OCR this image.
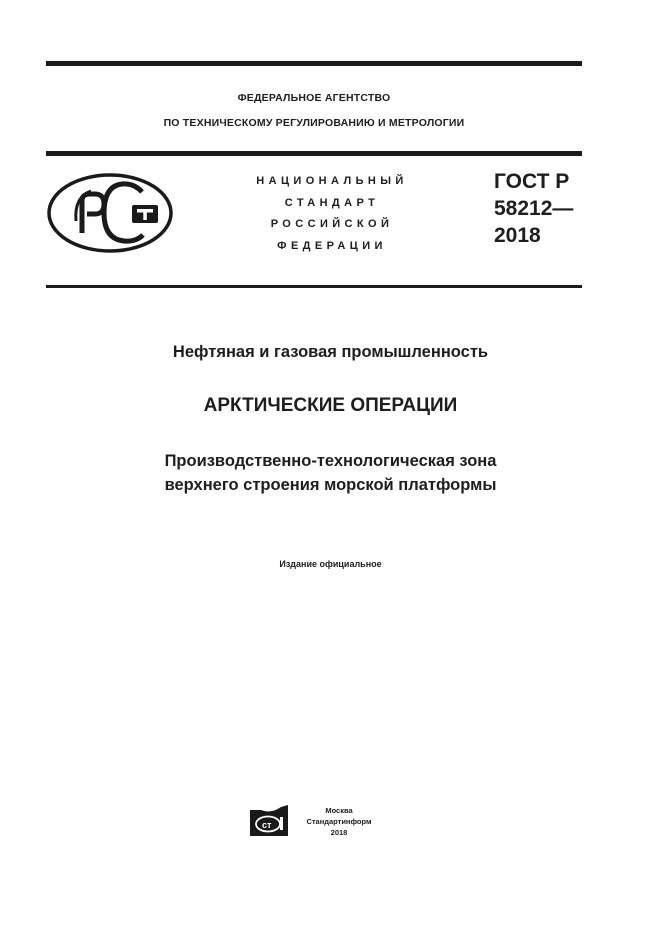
ФЕДЕРАЛЬНОЕ АГЕНТСТВО
ПО ТЕХНИЧЕСКОМУ РЕГУЛИРОВАНИЮ И МЕТРОЛОГИИ
НАЦИОНАЛЬНЫЙ
СТАНДАРТ
РОССИЙСКОЙ
ФЕДЕРАЦИИ
ГОСТ Р
58212—
2018
Нефтяная и газовая промышленность
АРКТИЧЕСКИЕ ОПЕРАЦИИ
Производственно-технологическая зона
верхнего строения морской платформы
Издание официальное
ст
Москва
Стандартинформ
2018
